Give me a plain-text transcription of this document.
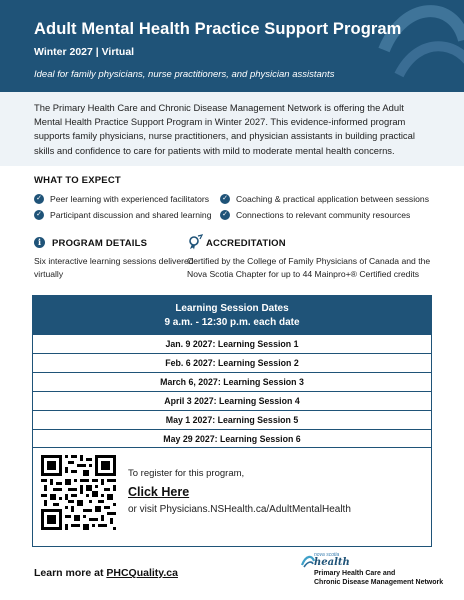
Adult Mental Health Practice Support Program
Winter 2027 | Virtual
Ideal for family physicians, nurse practitioners, and physician assistants
The Primary Health Care and Chronic Disease Management Network is offering the Adult Mental Health Practice Support Program in Winter 2027. This evidence-informed program supports family physicians, nurse practitioners, and physician assistants in building practical skills and confidence to care for patients with mild to moderate mental health concerns.
WHAT TO EXPECT
✓ Peer learning with experienced facilitators ✓ Coaching & practical application between sessions
✓ Participant discussion and shared learning ✓ Connections to relevant community resources
i	PROGRAM DETAILS
Six interactive learning sessions delivered virtually
ACCREDITATION
Certified by the College of Family Physicians of Canada and the Nova Scotia Chapter for up to 44 Mainpro+® Certified credits
Learning Session Dates
9 a.m. - 12:30 p.m. each date
Jan. 9 2027: Learning Session 1
Feb. 6 2027: Learning Session 2
March 6, 2027: Learning Session 3
April 3 2027: Learning Session 4
May 1 2027: Learning Session 5
May 29 2027: Learning Session 6
To register for this program,
Click Here
or visit Physicians.NSHealth.ca/AdultMentalHealth
Learn more at PHCQuality.ca
nova scotia
health
Primary Health Care and
Chronic Disease Management Network
